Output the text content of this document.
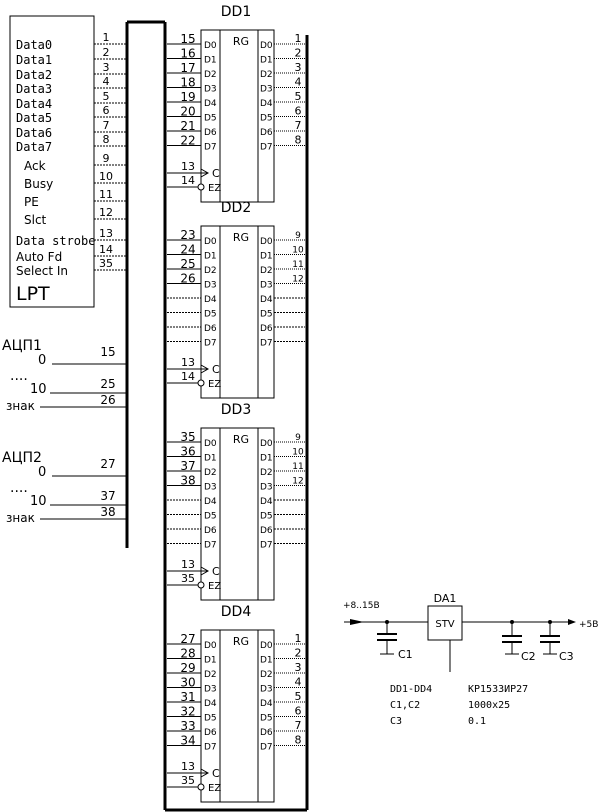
Data0
1
Data1
2
Data2
3
Data3
4
Data4
5
Data5
6
Data6
7
Data7
8
Ack
9
Busy
10
PE
11
Slct
12
Data strobe
13
Auto Fd
14
Select In
35
LPT
АЦП1
0
15
....
10	25
знак	26
АЦП2
0
27
....
10	37
знак	38
DD1
RG
D0	D0
15	1
D1	D1
16	2
D2	D2
17	3
D3	D3
18	4
D4	D4
19	5
D5	D5
20	6
D6	D6
21	7
D7	D7
22	8
C
EZ
13
14
DD2
RG
D0	D0
23	9
D1	D1
24	10
D2	D2
25	11
D3	D3
26	12
D4	D4
D5	D5
D6	D6
D7	D7
C
EZ
13
14
DD3
RG
D0	D0
35	9
D1	D1
36	10
D2	D2
37	11
D3	D3
38	12
D4	D4
D5	D5
D6	D6
D7	D7
C
EZ
13
35
DD4
RG
D0	D0
27	1
D1	D1
28	2
D2	D2
29	3
D3	D3
30	4
D4	D4
31	5
D5	D5
32	6
D6	D6
33	7
D7	D7
34	8
C
EZ
13
35
+8..15В
C1
DA1
STV	+5В
C2 C3
DD1-DD4	КР1533ИР27
C1,C2	1000x25
C3	0.1
